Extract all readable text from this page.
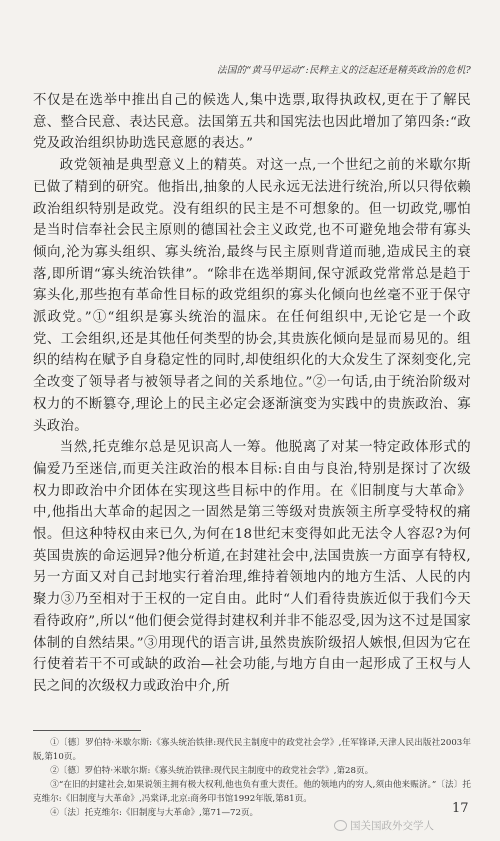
法国的“黄马甲运动”:民粹主义的泛起还是精英政治的危机?

不仅是在选举中推出自己的候选人,集中选票,取得执政权,更在于了解民意、整合民意、表达民意。法国第五共和国宪法也因此增加了第四条:“政党及政治组织协助选民意愿的表达。”

政党领袖是典型意义上的精英。对这一点,一个世纪之前的米歇尔斯已做了精到的研究。他指出,抽象的人民永远无法进行统治,所以只得依赖政治组织特别是政党。没有组织的民主是不可想象的。但一切政党,哪怕是当时信奉社会民主原则的德国社会主义政党,也不可避免地会带有寡头倾向,沦为寡头组织、寡头统治,最终与民主原则背道而驰,造成民主的衰落,即所谓“寡头统治铁律”。“除非在选举期间,保守派政党常常总是趋于寡头化,那些抱有革命性目标的政党组织的寡头化倾向也丝毫不亚于保守派政党。”①“组织是寡头统治的温床。在任何组织中,无论它是一个政党、工会组织,还是其他任何类型的协会,其贵族化倾向是显而易见的。组织的结构在赋予自身稳定性的同时,却使组织化的大众发生了深刻变化,完全改变了领导者与被领导者之间的关系地位。”②一句话,由于统治阶级对权力的不断篡夺,理论上的民主必定会逐渐演变为实践中的贵族政治、寡头政治。

当然,托克维尔总是见识高人一筹。他脱离了对某一特定政体形式的偏爱乃至迷信,而更关注政治的根本目标:自由与良治,特别是探讨了次级权力即政治中介团体在实现这些目标中的作用。在《旧制度与大革命》中,他指出大革命的起因之一固然是第三等级对贵族领主所享受特权的痛恨。但这种特权由来已久,为何在18世纪末变得如此无法令人容忍?为何英国贵族的命运迥异?他分析道,在封建社会中,法国贵族一方面享有特权,另一方面又对自己封地实行着治理,维持着领地内的地方生活、人民的内聚力③乃至相对于王权的一定自由。此时“人们看待贵族近似于我们今天看待政府”,所以“他们便会觉得封建权利并非不能忍受,因为这不过是国家体制的自然结果。”③用现代的语言讲,虽然贵族阶级招人嫉恨,但因为它在行使着若干不可或缺的政治—社会功能,与地方自由一起形成了王权与人民之间的次级权力或政治中介,所

①〔德〕罗伯特·米歇尔斯:《寡头统治铁律:现代民主制度中的政党社会学》,任军锋译,天津人民出版社2003年版,第10页。

②〔德〕罗伯特·米歇尔斯:《寡头统治铁律:现代民主制度中的政党社会学》,第28页。

③“在旧的封建社会,如果说领主拥有极大权利,他也负有重大责任。他的领地内的穷人,须由他来赈济。”〔法〕托克维尔:《旧制度与大革命》,冯棠译,北京:商务印书馆1992年版,第81页。

④〔法〕托克维尔:《旧制度与大革命》,第71—72页。	17
国关国政外交学人
